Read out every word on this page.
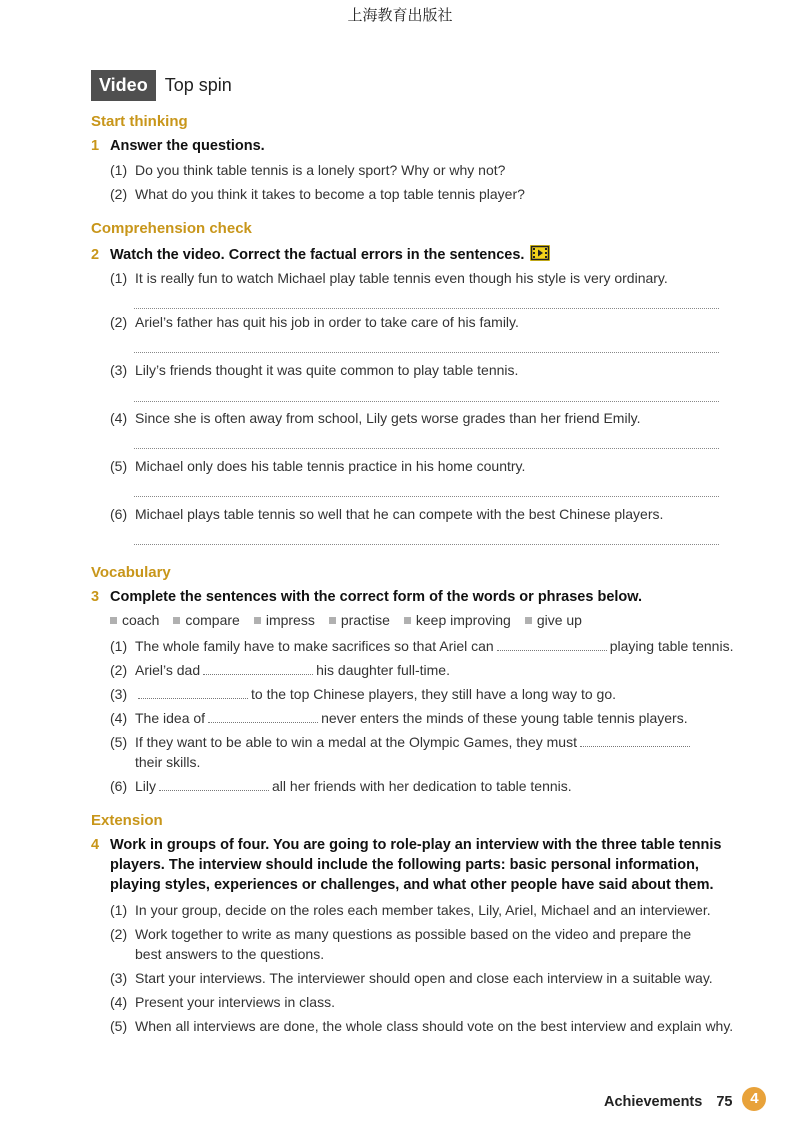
上海教育出版社
Video Top spin
Start thinking
1 Answer the questions.
(1) Do you think table tennis is a lonely sport? Why or why not?
(2) What do you think it takes to become a top table tennis player?
Comprehension check
2 Watch the video. Correct the factual errors in the sentences.
(1) It is really fun to watch Michael play table tennis even though his style is very ordinary.
(2) Ariel’s father has quit his job in order to take care of his family.
(3) Lily’s friends thought it was quite common to play table tennis.
(4) Since she is often away from school, Lily gets worse grades than her friend Emily.
(5) Michael only does his table tennis practice in his home country.
(6) Michael plays table tennis so well that he can compete with the best Chinese players.
Vocabulary
3 Complete the sentences with the correct form of the words or phrases below.
coach compare impress practise keep improving give up
(1) The whole family have to make sacrifices so that Ariel can	playing table tennis.
(2) Ariel’s dad	his daughter full-time.
(3)	to the top Chinese players, they still have a long way to go.
(4) The idea of	never enters the minds of these young table tennis players.
(5) If they want to be able to win a medal at the Olympic Games, they must
their skills.
(6) Lily	all her friends with her dedication to table tennis.
Extension
4 Work in groups of four. You are going to role-play an interview with the three table tennis players. The interview should include the following parts: basic personal information, playing styles, experiences or challenges, and what other people have said about them.
(1) In your group, decide on the roles each member takes, Lily, Ariel, Michael and an interviewer.
(2) Work together to write as many questions as possible based on the video and prepare the best answers to the questions.
(3) Start your interviews. The interviewer should open and close each interview in a suitable way.
(4) Present your interviews in class.
(5) When all interviews are done, the whole class should vote on the best interview and explain why.
Achievements 75	4
